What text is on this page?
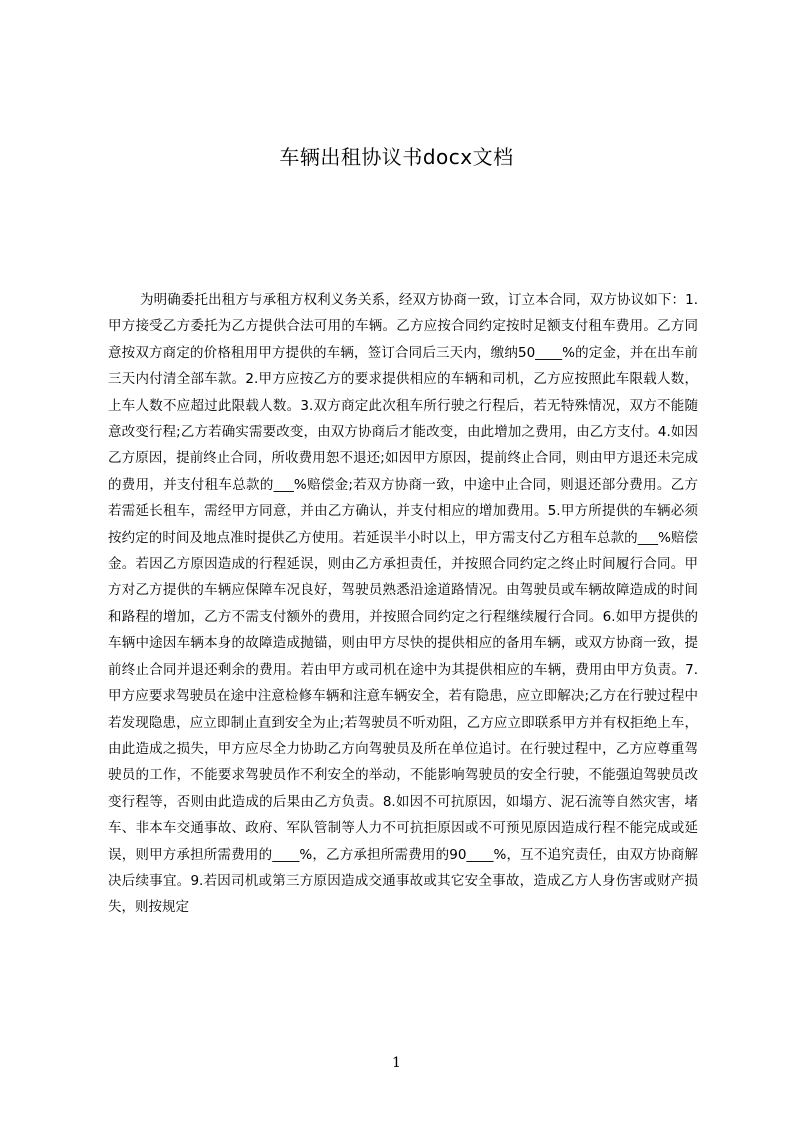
车辆出租协议书docx文档

为明确委托出租方与承租方权利义务关系，经双方协商一致，订立本合同，双方协议如下：1.甲方接受乙方委托为乙方提供合法可用的车辆。乙方应按合同约定按时足额支付租车费用。乙方同意按双方商定的价格租用甲方提供的车辆，签订合同后三天内，缴纳50____%的定金，并在出车前三天内付清全部车款。2.甲方应按乙方的要求提供相应的车辆和司机，乙方应按照此车限载人数，上车人数不应超过此限载人数。3.双方商定此次租车所行驶之行程后，若无特殊情况，双方不能随意改变行程;乙方若确实需要改变，由双方协商后才能改变，由此增加之费用，由乙方支付。4.如因乙方原因，提前终止合同，所收费用恕不退还;如因甲方原因，提前终止合同，则由甲方退还未完成的费用，并支付租车总款的___%赔偿金;若双方协商一致，中途中止合同，则退还部分费用。乙方若需延长租车，需经甲方同意，并由乙方确认，并支付相应的增加费用。5.甲方所提供的车辆必须按约定的时间及地点准时提供乙方使用。若延误半小时以上，甲方需支付乙方租车总款的___%赔偿金。若因乙方原因造成的行程延误，则由乙方承担责任，并按照合同约定之终止时间履行合同。甲方对乙方提供的车辆应保障车况良好，驾驶员熟悉沿途道路情况。由驾驶员或车辆故障造成的时间和路程的增加，乙方不需支付额外的费用，并按照合同约定之行程继续履行合同。6.如甲方提供的车辆中途因车辆本身的故障造成抛锚，则由甲方尽快的提供相应的备用车辆，或双方协商一致，提前终止合同并退还剩余的费用。若由甲方或司机在途中为其提供相应的车辆，费用由甲方负责。7.甲方应要求驾驶员在途中注意检修车辆和注意车辆安全，若有隐患，应立即解决;乙方在行驶过程中若发现隐患，应立即制止直到安全为止;若驾驶员不听劝阻，乙方应立即联系甲方并有权拒绝上车，由此造成之损失，甲方应尽全力协助乙方向驾驶员及所在单位追讨。在行驶过程中，乙方应尊重驾驶员的工作，不能要求驾驶员作不利安全的举动，不能影响驾驶员的安全行驶，不能强迫驾驶员改变行程等，否则由此造成的后果由乙方负责。8.如因不可抗原因，如塌方、泥石流等自然灾害，堵车、非本车交通事故、政府、军队管制等人力不可抗拒原因或不可预见原因造成行程不能完成或延误，则甲方承担所需费用的____%，乙方承担所需费用的90____%，互不追究责任，由双方协商解决后续事宜。9.若因司机或第三方原因造成交通事故或其它安全事故，造成乙方人身伤害或财产损失，则按规定

1
